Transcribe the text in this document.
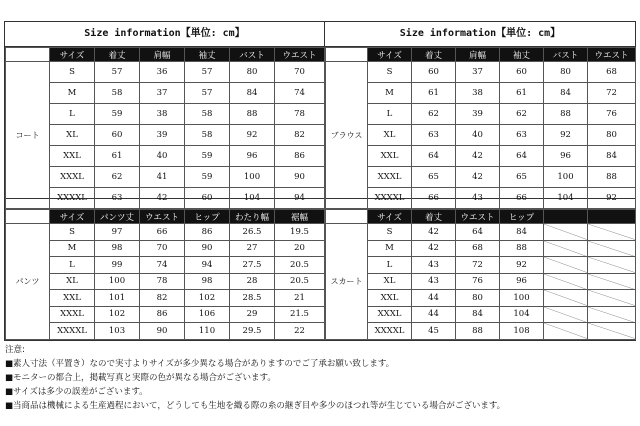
Size information【単位: cm】
	サイズ	着丈	肩幅	袖丈	バスト	ウエスト
コート	S	57	36	57	80	70
	M	58	37	57	84	74
	L	59	38	58	88	78
	XL	60	39	58	92	82
	XXL	61	40	59	96	86
	XXXL	62	41	59	100	90
	XXXXL	63	42	60	104	94
Size information【単位: cm】
	サイズ	着丈	肩幅	袖丈	バスト	ウエスト
ブラウス	S	60	37	60	80	68
	M	61	38	61	84	72
	L	62	39	62	88	76
	XL	63	40	63	92	80
	XXL	64	42	64	96	84
	XXXL	65	42	65	100	88
	XXXXL	66	43	66	104	92
	サイズ	パンツ丈	ウエスト	ヒップ	わたり幅	裾幅
パンツ	S	97	66	86	26.5	19.5
	M	98	70	90	27	20
	L	99	74	94	27.5	20.5
	XL	100	78	98	28	20.5
	XXL	101	82	102	28.5	21
	XXXL	102	86	106	29	21.5
	XXXXL	103	90	110	29.5	22
	サイズ	着丈	ウエスト	ヒップ		
スカート	S	42	64	84	

	M	42	68	88	

	L	43	72	92	

	XL	43	76	96	

	XXL	44	80	100	

	XXXL	44	84	104	

	XXXXL	45	88	108	

注意:
■素人寸法（平置き）なので実寸よりサイズが多少異なる場合がありますのでご了承お願い致します。
■モニターの都合上，掲載写真と実際の色が異なる場合がございます。
■サイズは多少の誤差がございます。
■当商品は機械による生産過程において，どうしても生地を織る際の糸の継ぎ目や多少のほつれ等が生じている場合がございます。
